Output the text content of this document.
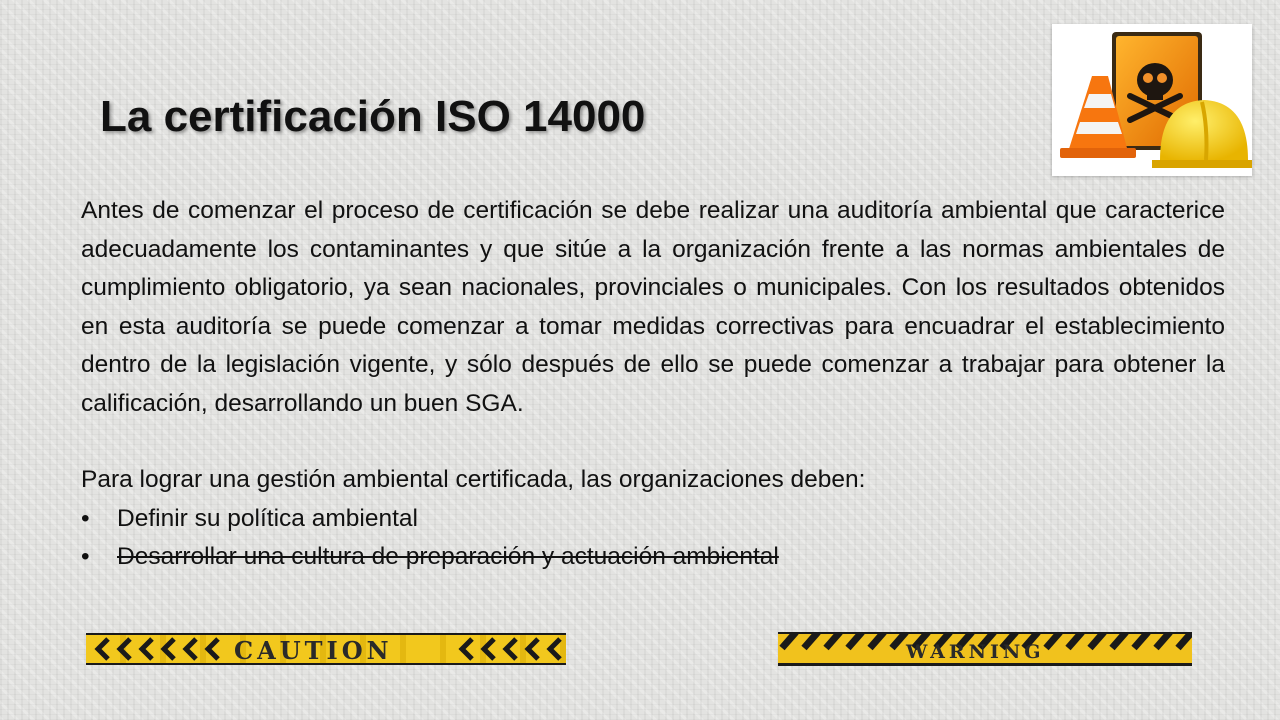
La certificación ISO 14000

Antes de comenzar el proceso de certificación se debe realizar una auditoría ambiental que caracterice adecuadamente los contaminantes y que sitúe a la organización frente a las normas ambientales de cumplimiento obligatorio, ya sean nacionales, provinciales o municipales. Con los resultados obtenidos en esta auditoría se puede comenzar a tomar medidas correctivas para encuadrar el establecimiento dentro de la legislación vigente, y sólo después de ello se puede comenzar a trabajar para obtener la calificación, desarrollando un buen SGA.

Para lograr una gestión ambiental certificada, las organizaciones deben:

•	Definir su política ambiental
•	Desarrollar una cultura de preparación y actuación ambiental
CAUTION	WARNING
